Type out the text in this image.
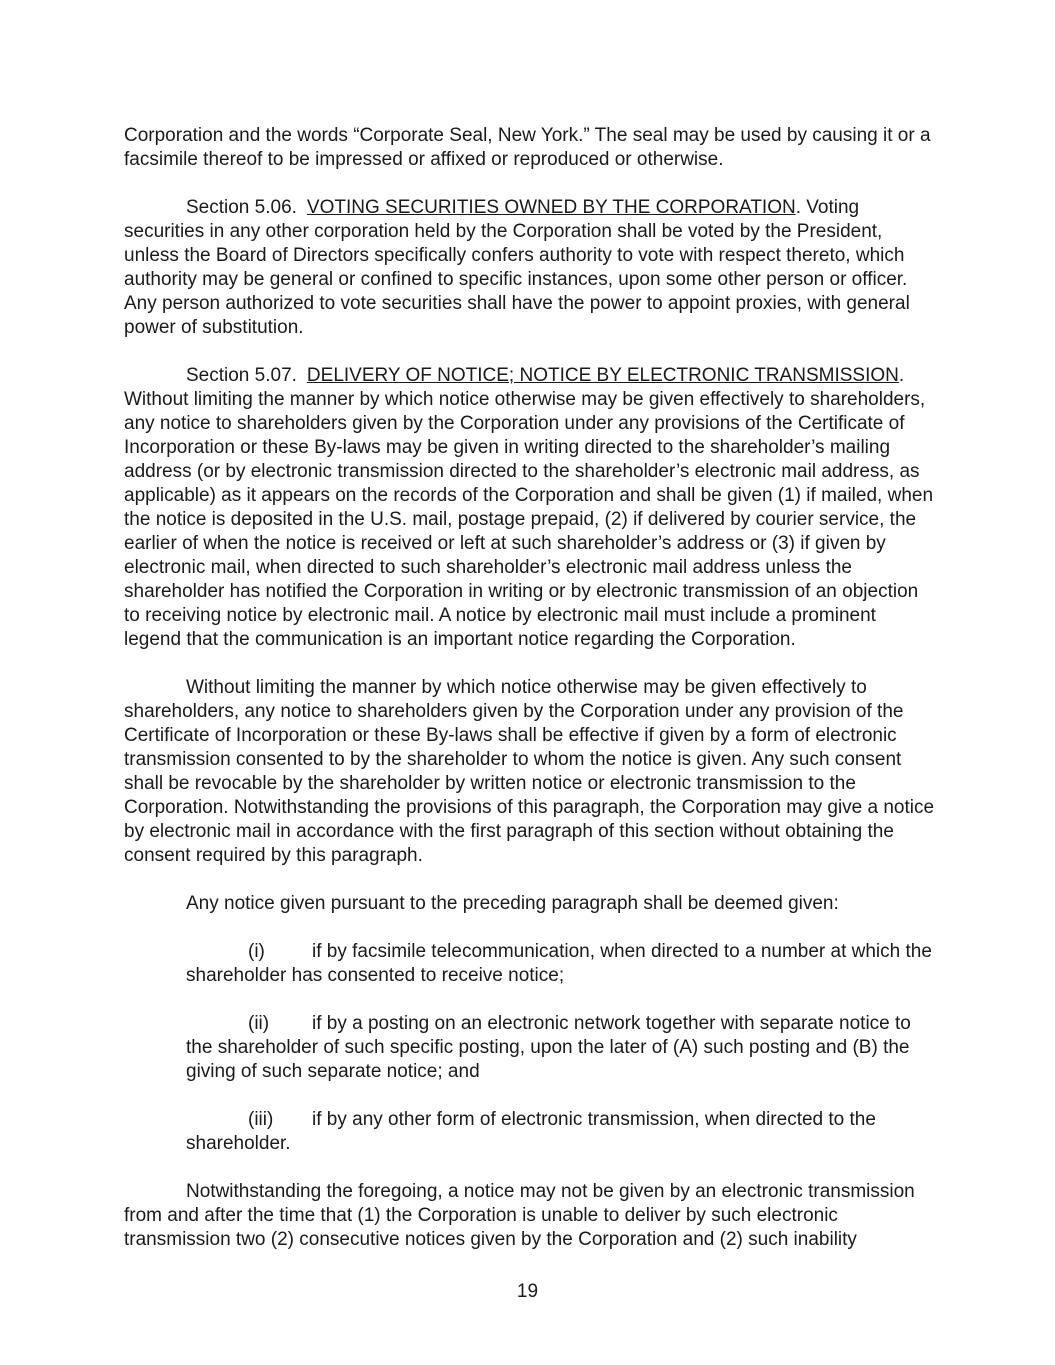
Corporation and the words “Corporate Seal, New York.” The seal may be used by causing it or a facsimile thereof to be impressed or affixed or reproduced or otherwise.

Section 5.06. VOTING SECURITIES OWNED BY THE CORPORATION. Voting securities in any other corporation held by the Corporation shall be voted by the President, unless the Board of Directors specifically confers authority to vote with respect thereto, which authority may be general or confined to specific instances, upon some other person or officer. Any person authorized to vote securities shall have the power to appoint proxies, with general power of substitution.

Section 5.07. DELIVERY OF NOTICE; NOTICE BY ELECTRONIC TRANSMISSION. Without limiting the manner by which notice otherwise may be given effectively to shareholders, any notice to shareholders given by the Corporation under any provisions of the Certificate of Incorporation or these By-laws may be given in writing directed to the shareholder’s mailing address (or by electronic transmission directed to the shareholder’s electronic mail address, as applicable) as it appears on the records of the Corporation and shall be given (1) if mailed, when the notice is deposited in the U.S. mail, postage prepaid, (2) if delivered by courier service, the earlier of when the notice is received or left at such shareholder’s address or (3) if given by electronic mail, when directed to such shareholder’s electronic mail address unless the shareholder has notified the Corporation in writing or by electronic transmission of an objection to receiving notice by electronic mail. A notice by electronic mail must include a prominent legend that the communication is an important notice regarding the Corporation.

Without limiting the manner by which notice otherwise may be given effectively to shareholders, any notice to shareholders given by the Corporation under any provision of the Certificate of Incorporation or these By-laws shall be effective if given by a form of electronic transmission consented to by the shareholder to whom the notice is given. Any such consent shall be revocable by the shareholder by written notice or electronic transmission to the Corporation. Notwithstanding the provisions of this paragraph, the Corporation may give a notice by electronic mail in accordance with the first paragraph of this section without obtaining the consent required by this paragraph.

Any notice given pursuant to the preceding paragraph shall be deemed given:

(i) if by facsimile telecommunication, when directed to a number at which the shareholder has consented to receive notice;

(ii) if by a posting on an electronic network together with separate notice to the shareholder of such specific posting, upon the later of (A) such posting and (B) the giving of such separate notice; and

(iii) if by any other form of electronic transmission, when directed to the shareholder.

Notwithstanding the foregoing, a notice may not be given by an electronic transmission from and after the time that (1) the Corporation is unable to deliver by such electronic transmission two (2) consecutive notices given by the Corporation and (2) such inability

19
